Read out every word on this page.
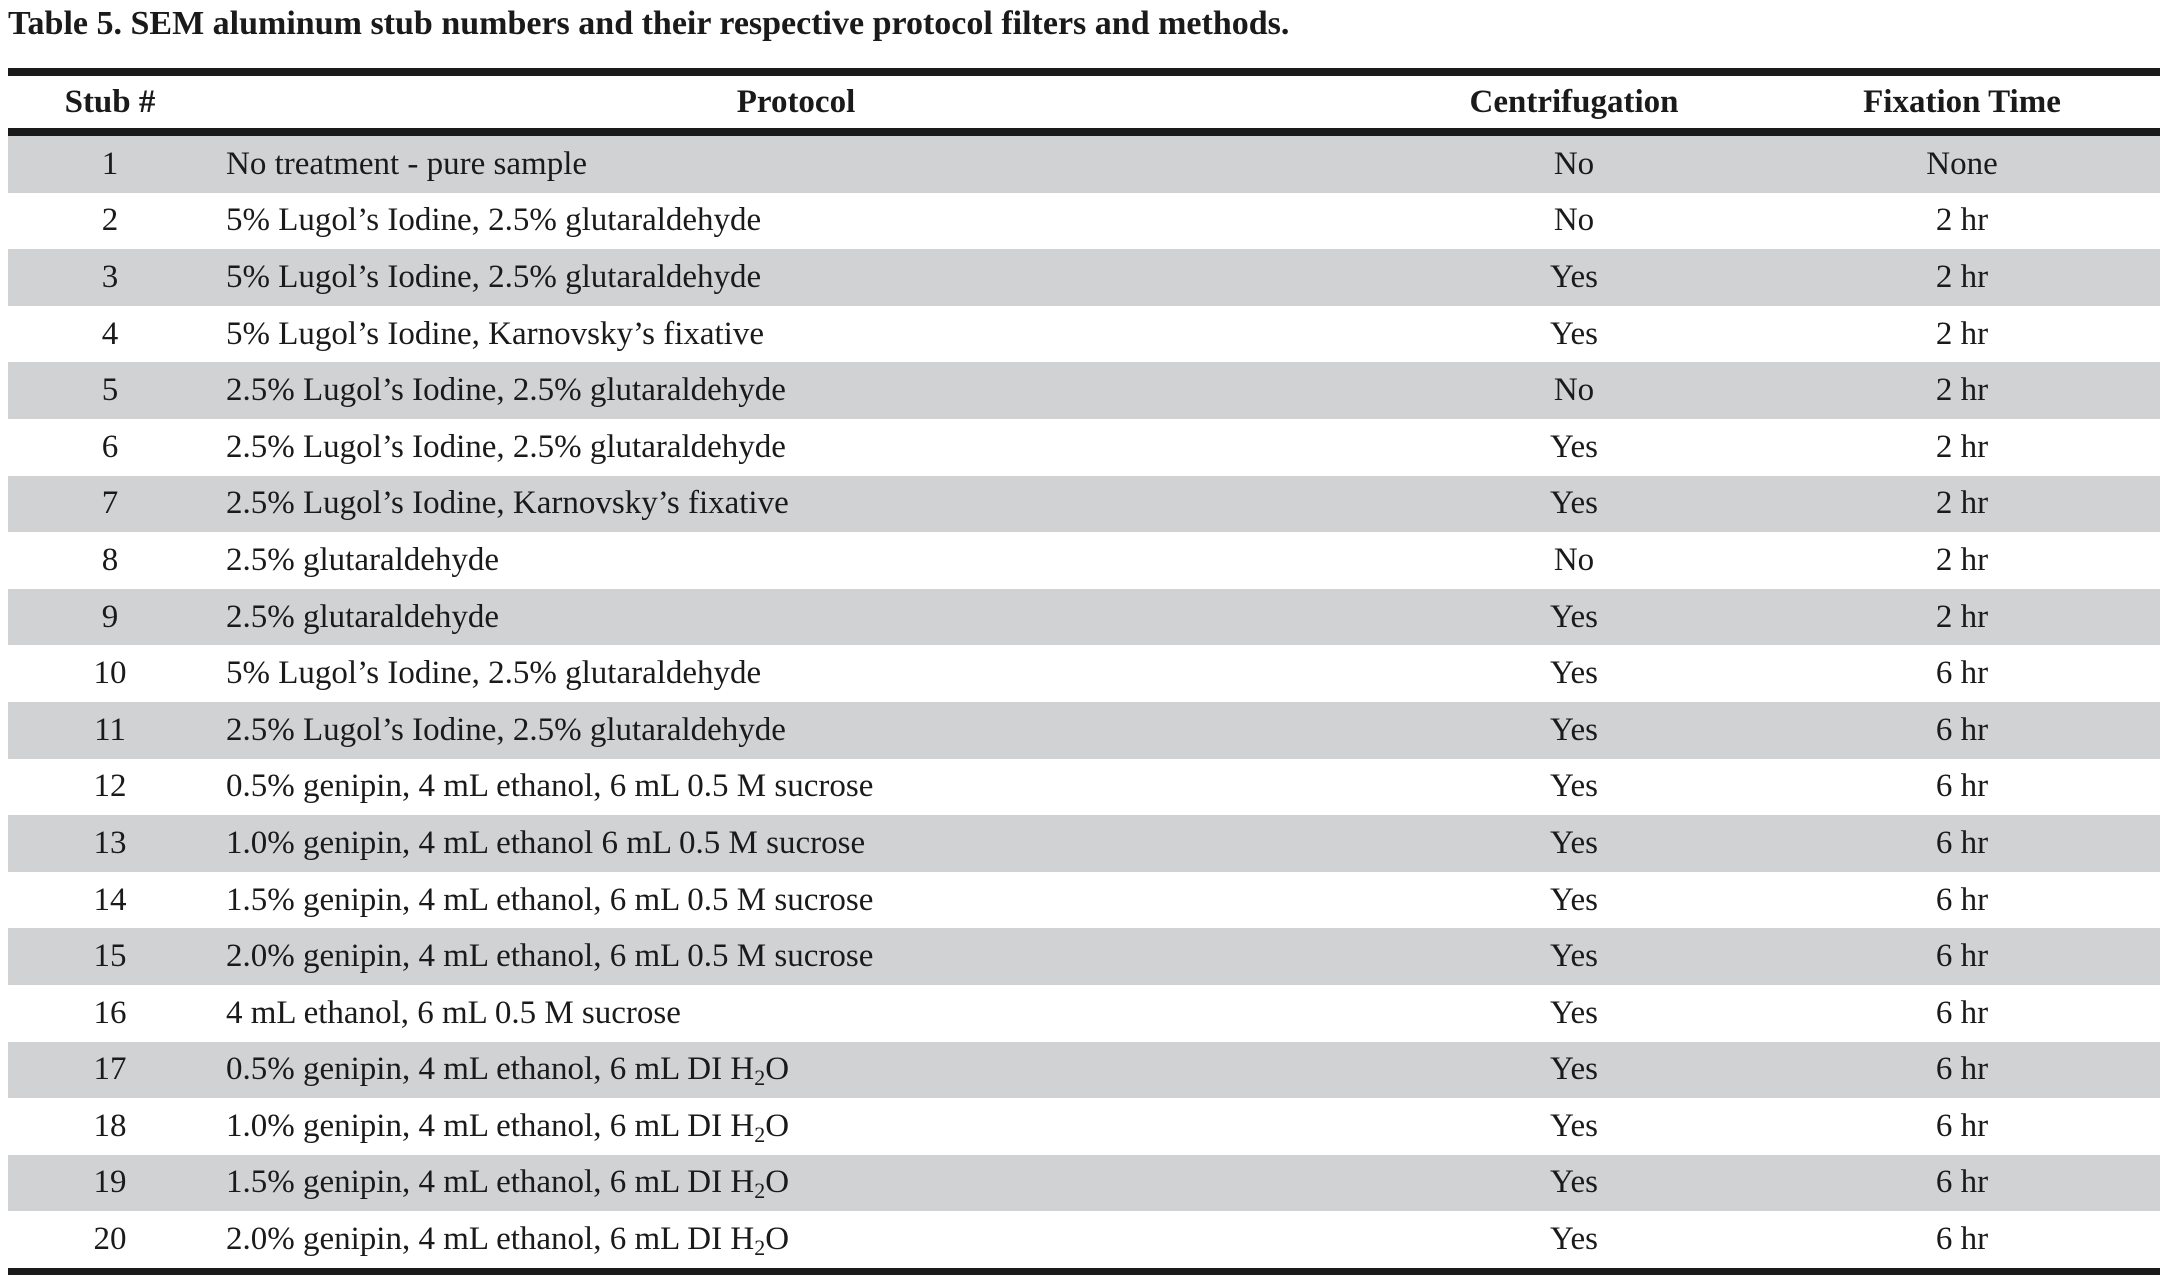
Table 5. SEM aluminum stub numbers and their respective protocol filters and methods.
Stub #	Protocol	Centrifugation	Fixation Time
1	No treatment - pure sample	No	None
2	5% Lugol’s Iodine, 2.5% glutaraldehyde	No	2 hr
3	5% Lugol’s Iodine, 2.5% glutaraldehyde	Yes	2 hr
4	5% Lugol’s Iodine, Karnovsky’s fixative	Yes	2 hr
5	2.5% Lugol’s Iodine, 2.5% glutaraldehyde	No	2 hr
6	2.5% Lugol’s Iodine, 2.5% glutaraldehyde	Yes	2 hr
7	2.5% Lugol’s Iodine, Karnovsky’s fixative	Yes	2 hr
8	2.5% glutaraldehyde	No	2 hr
9	2.5% glutaraldehyde	Yes	2 hr
10	5% Lugol’s Iodine, 2.5% glutaraldehyde	Yes	6 hr
11	2.5% Lugol’s Iodine, 2.5% glutaraldehyde	Yes	6 hr
12	0.5% genipin, 4 mL ethanol, 6 mL 0.5 M sucrose	Yes	6 hr
13	1.0% genipin, 4 mL ethanol 6 mL 0.5 M sucrose	Yes	6 hr
14	1.5% genipin, 4 mL ethanol, 6 mL 0.5 M sucrose	Yes	6 hr
15	2.0% genipin, 4 mL ethanol, 6 mL 0.5 M sucrose	Yes	6 hr
16	4 mL ethanol, 6 mL 0.5 M sucrose	Yes	6 hr
17	0.5% genipin, 4 mL ethanol, 6 mL DI $H_2O$	Yes	6 hr
18	1.0% genipin, 4 mL ethanol, 6 mL DI $H_2O$	Yes	6 hr
19	1.5% genipin, 4 mL ethanol, 6 mL DI $H_2O$	Yes	6 hr
20	2.0% genipin, 4 mL ethanol, 6 mL DI $H_2O$	Yes	6 hr
